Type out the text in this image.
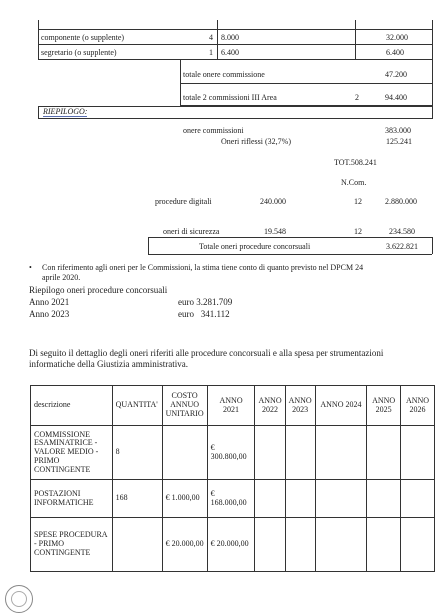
componente (o supplente)	4 8.000	32.000
segretario (o supplente)	1 6.400	6.400
totale onere commissione	47.200
totale 2 commissioni III Area	2	94.400
RIEPILOGO:
onere commissioni	383.000
Oneri riflessi (32,7%)	125.241
TOT.508.241
N.Com.
procedure digitali	240.000	12	2.880.000
oneri di sicurezza	19.548	12	234.580
Totale oneri procedure concorsuali	3.622.821
• Con riferimento agli oneri per le Commissioni, la stima tiene conto di quanto previsto nel DPCM 24
aprile 2020.
Riepilogo oneri procedure concorsuali
Anno 2021	euro 3.281.709
Anno 2023	euro   341.112
Di seguito il dettaglio degli oneri riferiti alle procedure concorsuali e alla spesa per strumentazioni
informatiche della Giustizia amministrativa.
descrizione	QUANTITA'	COSTO ANNUO UNITARIO	ANNO 2021	ANNO 2022	ANNO 2023	ANNO 2024	ANNO 2025	ANNO 2026
COMMISSIONE ESAMINATRICE - VALORE MEDIO - PRIMO CONTINGENTE	8		€ 300.800,00					
POSTAZIONI INFORMATICHE	168	€ 1.000,00	€ 168.000,00					
SPESE PROCEDURA - PRIMO CONTINGENTE		€ 20.000,00	€ 20.000,00					
